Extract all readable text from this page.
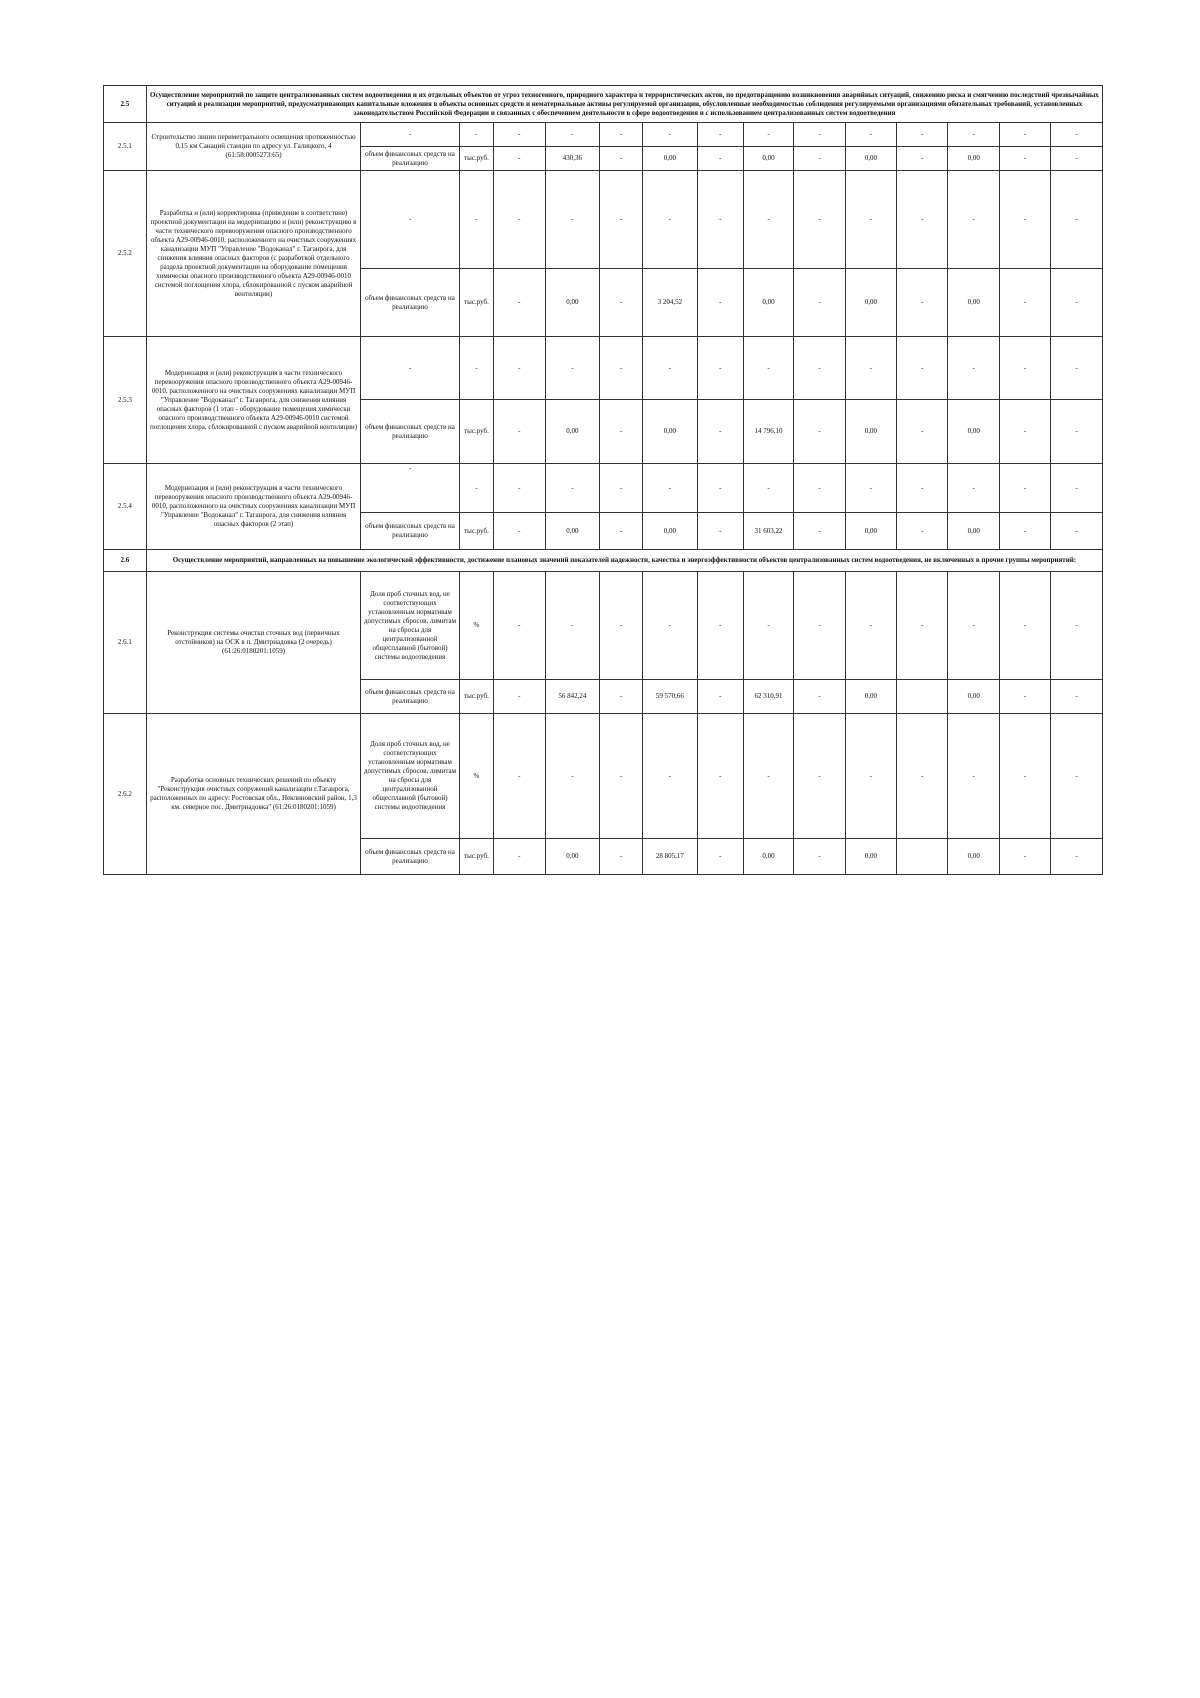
2.5	Осуществление мероприятий по защите централизованных систем водоотведения и их отдельных объектов от угроз техногенного, природного характера и террористических актов, по предотвращению возникновения аварийных ситуаций, снижению риска и смягчению последствий чрезвычайных ситуаций и реализации мероприятий, предусматривающих капитальные вложения в объекты основных средств и нематериальные активы регулируемой организации, обусловленные необходимостью соблюдения регулируемыми организациями обязательных требований, установленных законодательством Российской Федерации и связанных с обеспечением деятельности в сфере водоотведения и с использованием централизованных систем водоотведения														
2.5.1	Строительство линии периметрального освещения протяженностью 0,15 км Санаций станции по адресу ул. Галицкого, 4 (61:58:0005273:65)	-	-	-	-	-	-	-	-	-	-	-	-	-	-
		объем финансовых средств на реализацию	тыс.руб.	-	430,36	-	0,00	-	0,00	-	0,00	-	0,00	-	-
2.5.2	Разработка и (или) корректировка (приведение в соответствие) проектной документации на модернизацию и (или) реконструкцию в части технического перевооружения опасного производственного объекта А29-00946-0010, расположенного на очистных сооружениях канализации МУП "Управление "Водоканал" г. Таганрога, для снижения влияния опасных факторов (с разработкой отдельного раздела проектной документации на оборудование помещения химически опасного производственного объекта А29-00946-0010 системой поглощения хлора, сблокированной с пуском аварийной вентиляции)	-	-	-	-	-	-	-	-	-	-	-	-	-	-
		объем финансовых средств на реализацию	тыс.руб.	-	0,00	-	3 204,52	-	0,00	-	0,00	-	0,00	-	-
2.5.3	Модернизация и (или) реконструкция в части технического перевооружения опасного производственного объекта А29-00946-0010, расположенного на очистных сооружениях канализации МУП "Управление "Водоканал" г. Таганрога, для снижения влияния опасных факторов (1 этап - оборудование помещения химически опасного производственного объекта А29-00946-0010 системой поглощения хлора, сблокированной с пуском аварийной вентиляции)	-	-	-	-	-	-	-	-	-	-	-	-	-	-
		объем финансовых средств на реализацию	тыс.руб.	-	0,00	-	0,00	-	14 796,10	-	0,00	-	0,00	-	-
2.5.4	Модернизация и (или) реконструкция в части технического перевооружения опасного производственного объекта А29-00946-0010, расположенного на очистных сооружениях канализации МУП "Управление "Водоканал" г. Таганрога, для снижения влияния опасных факторов (2 этап)	-	-	-	-	-	-	-	-	-	-	-	-	-	-
		объем финансовых средств на реализацию	тыс.руб.	-	0,00	-	0,00	-	31 603,22	-	0,00	-	0,00	-	-
2.6	Осуществление мероприятий, направленных на повышение экологической эффективности, достижение плановых значений показателей надежности, качества и энергоэффективности объектов централизованных систем водоотведения, не включенных в прочие группы мероприятий:														
2.6.1	Реконструкция системы очистки сточных вод (первичных отстойников) на ОСК в п. Дмитриадовка (2 очередь) (61:26:0180201:1059)	Доля проб сточных вод, не соответствующих установленным нормативам допустимых сбросов, лимитам на сбросы для централизованной общесплавной (бытовой) системы водоотведения	%	-	-	-	-	-	-	-	-	-	-	-	-
		объем финансовых средств на реализацию	тыс.руб.	-	56 842,24	-	59 570,66	-	62 310,91	-	0,00		0,00	-	-
2.6.2	Разработка основных технических решений по объекту "Реконструкция очистных сооружений канализации г.Таганрога, расположенных по адресу: Ростовская обл., Неклиновский район, 1,3 км. северное пос. Дмитриадовка" (61:26:0180201:1059)	Доля проб сточных вод, не соответствующих установленным нормативам допустимых сбросов, лимитам на сбросы для централизованной общесплавной (бытовой) системы водоотведения	%	-	-	-	-	-	-	-	-	-	-	-	-
		объем финансовых средств на реализацию	тыс.руб.	-	0,00	-	28 805,17	-	0,00	-	0,00		0,00	-	-
